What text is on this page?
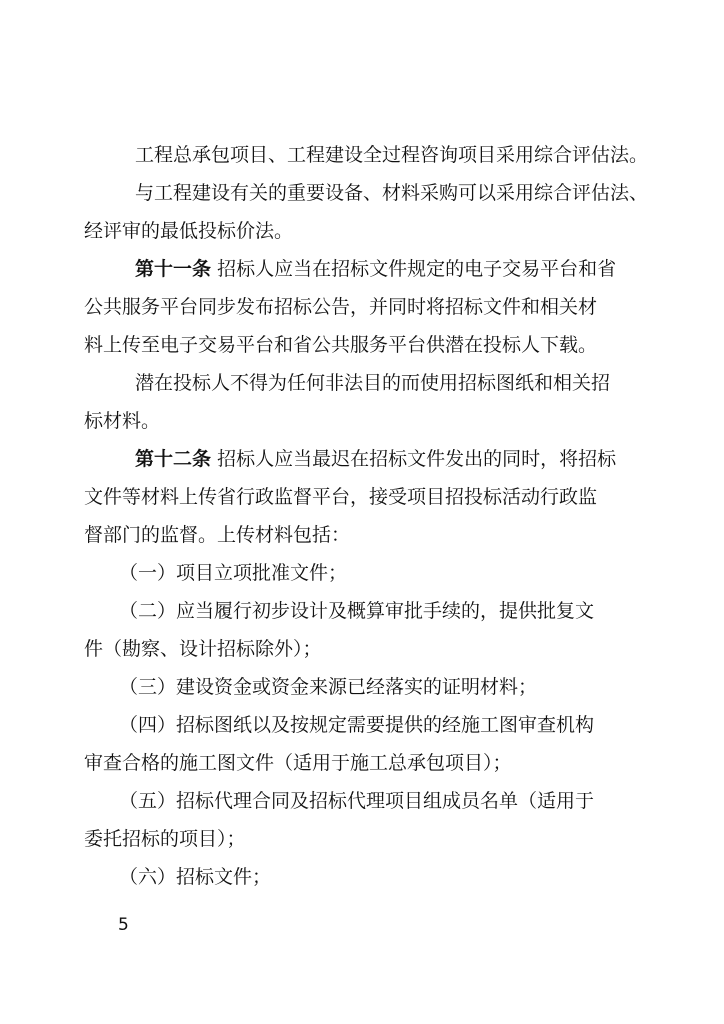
工程总承包项目、工程建设全过程咨询项目采用综合评估法。
与工程建设有关的重要设备、材料采购可以采用综合评估法、
经评审的最低投标价法。
第十一条 招标人应当在招标文件规定的电子交易平台和省
公共服务平台同步发布招标公告，并同时将招标文件和相关材
料上传至电子交易平台和省公共服务平台供潜在投标人下载。
潜在投标人不得为任何非法目的而使用招标图纸和相关招
标材料。
第十二条 招标人应当最迟在招标文件发出的同时，将招标
文件等材料上传省行政监督平台，接受项目招投标活动行政监
督部门的监督。上传材料包括：
（一）项目立项批准文件；
（二）应当履行初步设计及概算审批手续的，提供批复文
件（勘察、设计招标除外）；
（三）建设资金或资金来源已经落实的证明材料；
（四）招标图纸以及按规定需要提供的经施工图审查机构
审查合格的施工图文件（适用于施工总承包项目）；
（五）招标代理合同及招标代理项目组成员名单（适用于
委托招标的项目）；
（六）招标文件；
5
